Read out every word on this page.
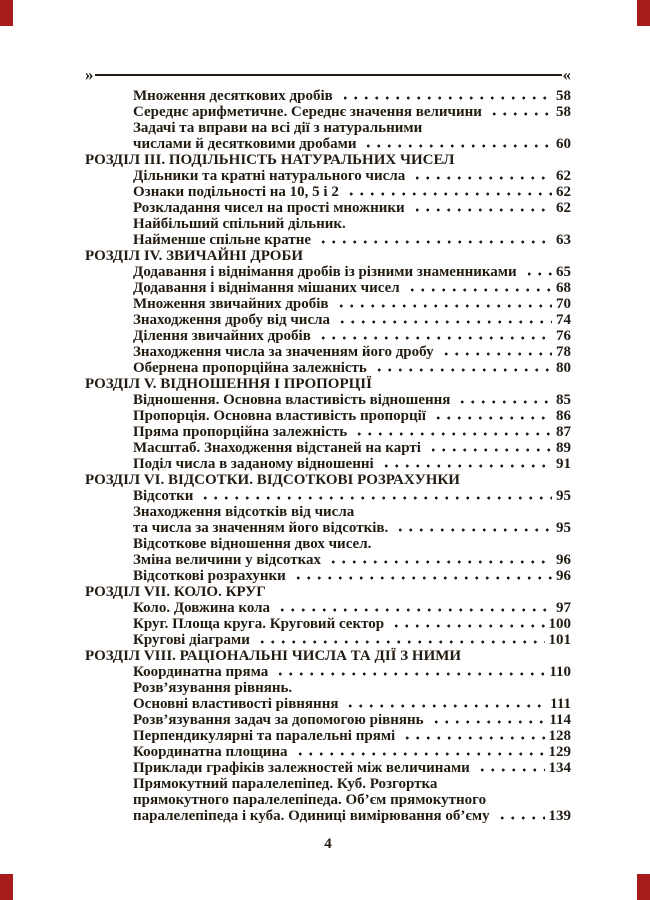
»	«
Множення десяткових дробів	58
Середнє арифметичне. Середнє значення величини	58
Задачі та вправи на всі дії з натуральними
числами й десятковими дробами	60
РОЗДІЛ III. ПОДІЛЬНІСТЬ НАТУРАЛЬНИХ ЧИСЕЛ
Дільники та кратні натурального числа	62
Ознаки подільності на 10, 5 і 2	62
Розкладання чисел на прості множники	62
Найбільший спільний дільник.
Найменше спільне кратне	63
РОЗДІЛ IV. ЗВИЧАЙНІ ДРОБИ
Додавання і віднімання дробів із різними знаменниками	65
Додавання і віднімання мішаних чисел	68
Множення звичайних дробів	70
Знаходження дробу від числа	74
Ділення звичайних дробів	76
Знаходження числа за значенням його дробу	78
Обернена пропорційна залежність	80
РОЗДІЛ V. ВІДНОШЕННЯ І ПРОПОРЦІЇ
Відношення. Основна властивість відношення	85
Пропорція. Основна властивість пропорції	86
Пряма пропорційна залежність	87
Масштаб. Знаходження відстаней на карті	89
Поділ числа в заданому відношенні	91
РОЗДІЛ VI. ВІДСОТКИ. ВІДСОТКОВІ РОЗРАХУНКИ
Відсотки	95
Знаходження відсотків від числа
та числа за значенням його відсотків.	95
Відсоткове відношення двох чисел.
Зміна величини у відсотках	96
Відсоткові розрахунки	96
РОЗДІЛ VII. КОЛО. КРУГ
Коло. Довжина кола	97
Круг. Площа круга. Круговий сектор	100
Кругові діаграми	101
РОЗДІЛ VIII. РАЦІОНАЛЬНІ ЧИСЛА ТА ДІЇ З НИМИ
Координатна пряма	110
Розв’язування рівнянь.
Основні властивості рівняння	111
Розв’язування задач за допомогою рівнянь	114
Перпендикулярні та паралельні прямі	128
Координатна площина	129
Приклади графіків залежностей між величинами	134
Прямокутний паралелепіпед. Куб. Розгортка
прямокутного паралелепіпеда. Об’єм прямокутного
паралелепіпеда і куба. Одиниці вимірювання об’єму	139
4
